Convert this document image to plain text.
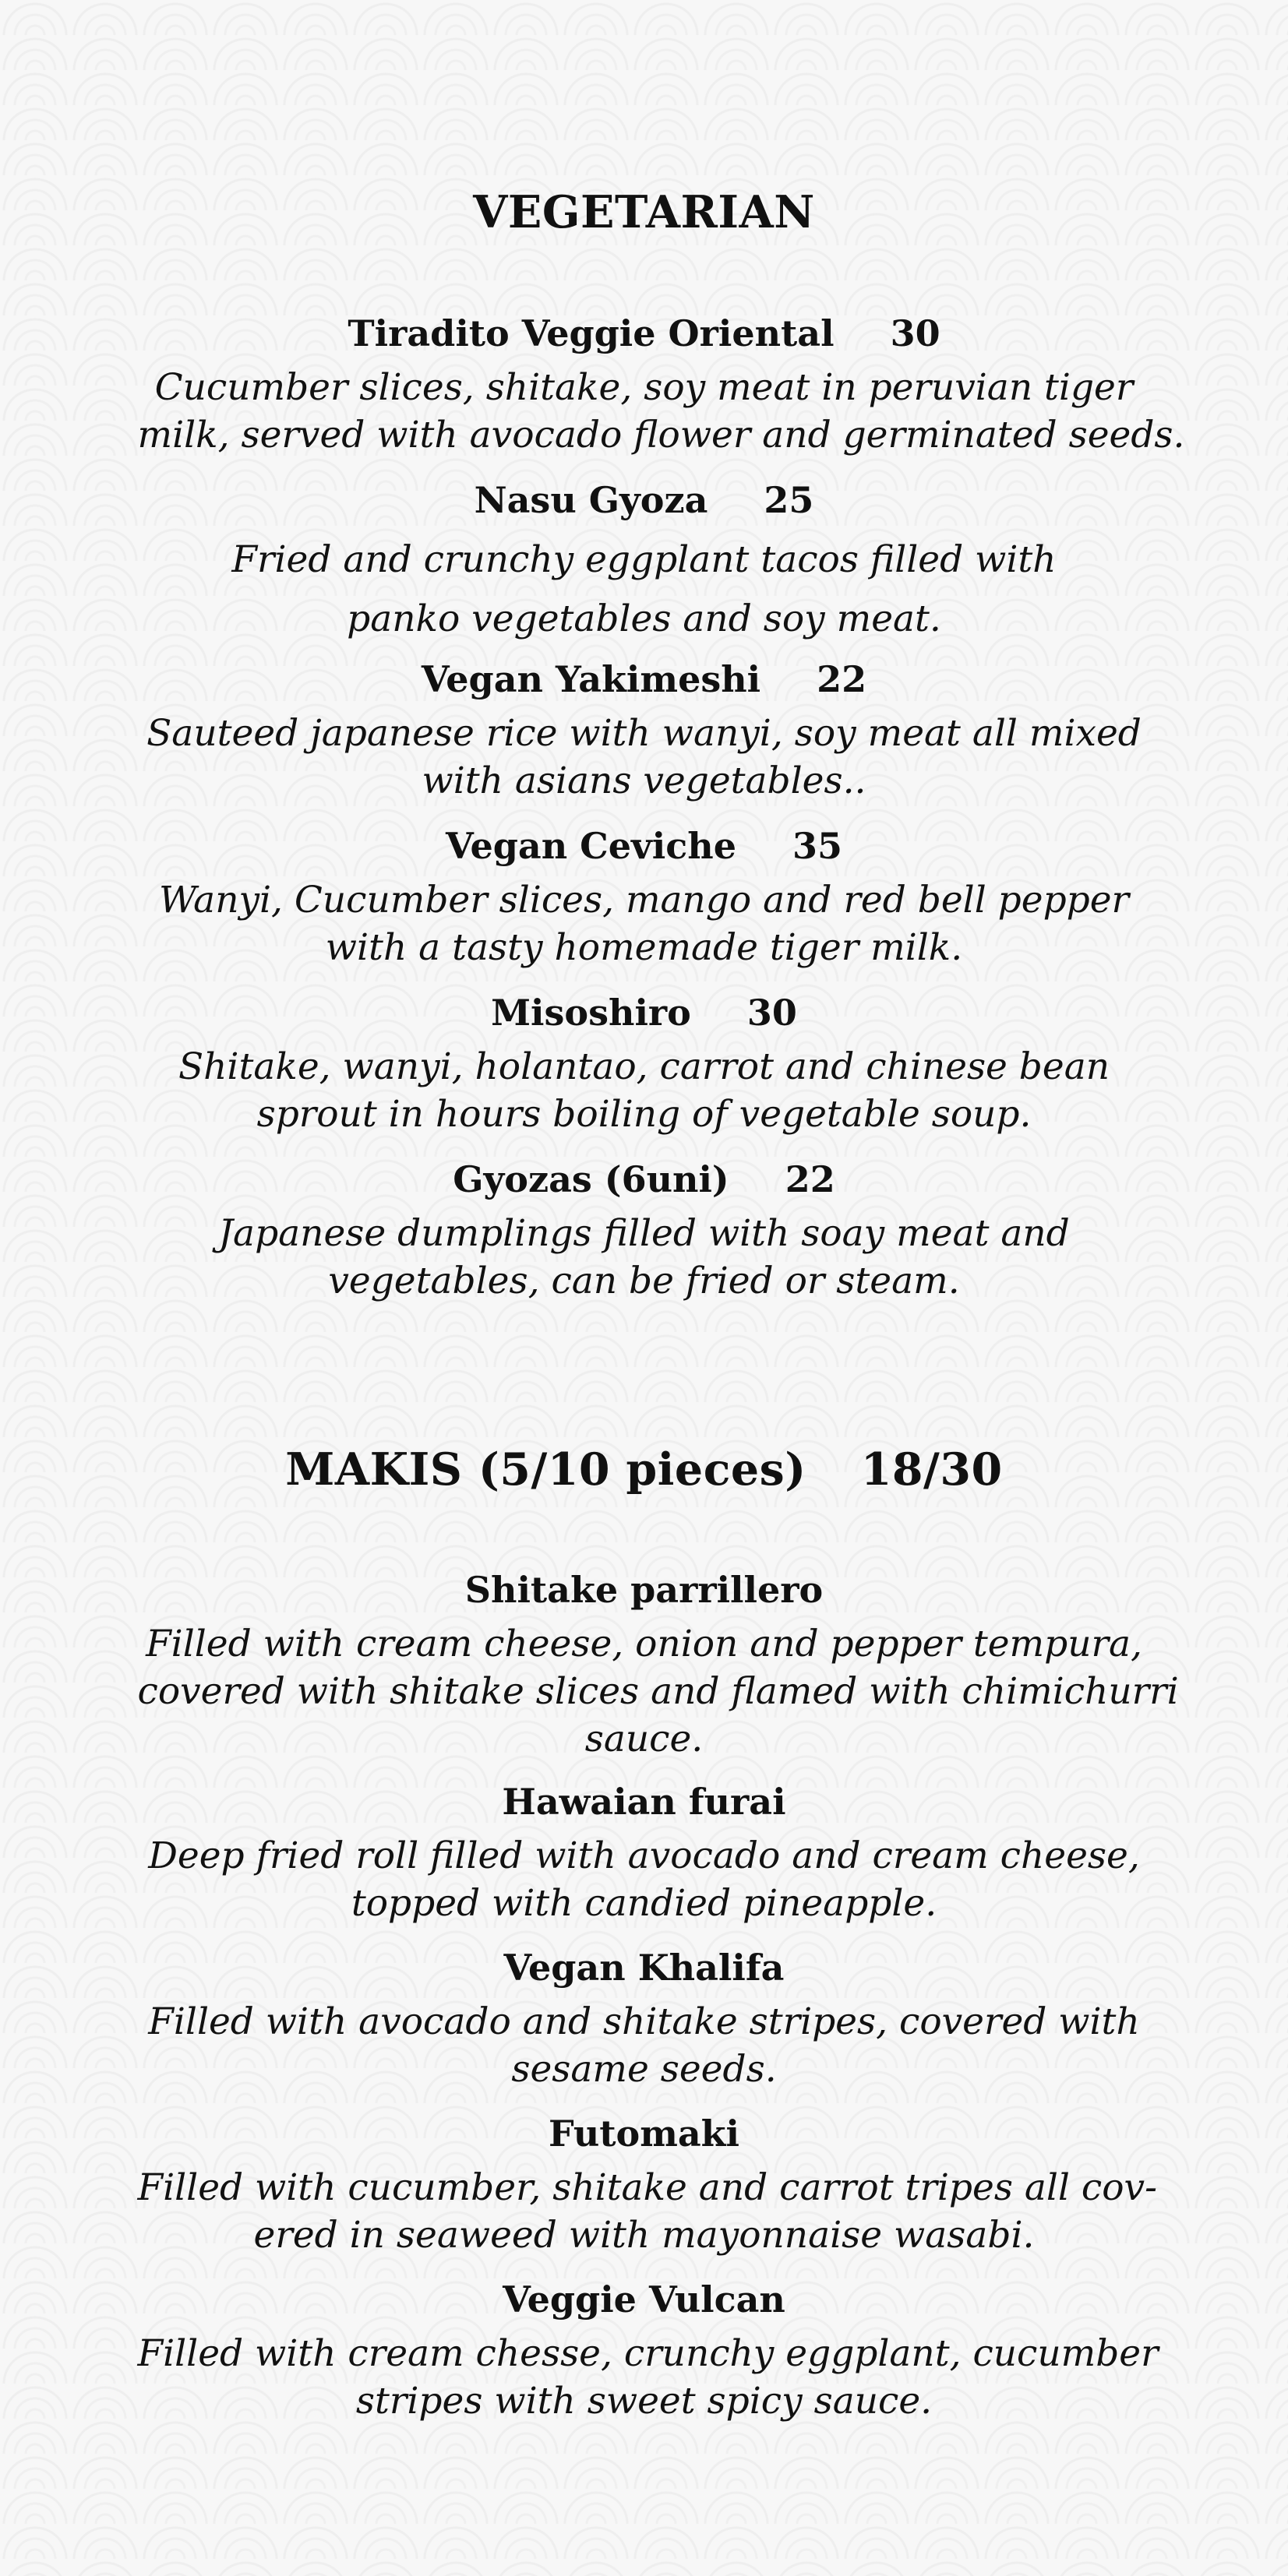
VEGETARIAN
Tiradito Veggie Oriental 30
Cucumber slices, shitake, soy meat in peruvian tiger
milk, served with avocado flower and germinated seeds.
Nasu Gyoza 25
Fried and crunchy eggplant tacos filled with
panko vegetables and soy meat.
Vegan Yakimeshi 22
Sauteed japanese rice with wanyi, soy meat all mixed
with asians vegetables..
Vegan Ceviche 35
Wanyi, Cucumber slices, mango and red bell pepper
with a tasty homemade tiger milk.
Misoshiro 30
Shitake, wanyi, holantao, carrot and chinese bean
sprout in hours boiling of vegetable soup.
Gyozas (6uni) 22
Japanese dumplings filled with soay meat and
vegetables, can be fried or steam.
MAKIS (5/10 pieces) 18/30
Shitake parrillero
Filled with cream cheese, onion and pepper tempura,
covered with shitake slices and flamed with chimichurri
sauce.
Hawaian furai
Deep fried roll filled with avocado and cream cheese,
topped with candied pineapple.
Vegan Khalifa
Filled with avocado and shitake stripes, covered with
sesame seeds.
Futomaki
Filled with cucumber, shitake and carrot tripes all cov-
ered in seaweed with mayonnaise wasabi.
Veggie Vulcan
Filled with cream chesse, crunchy eggplant, cucumber
stripes with sweet spicy sauce.
